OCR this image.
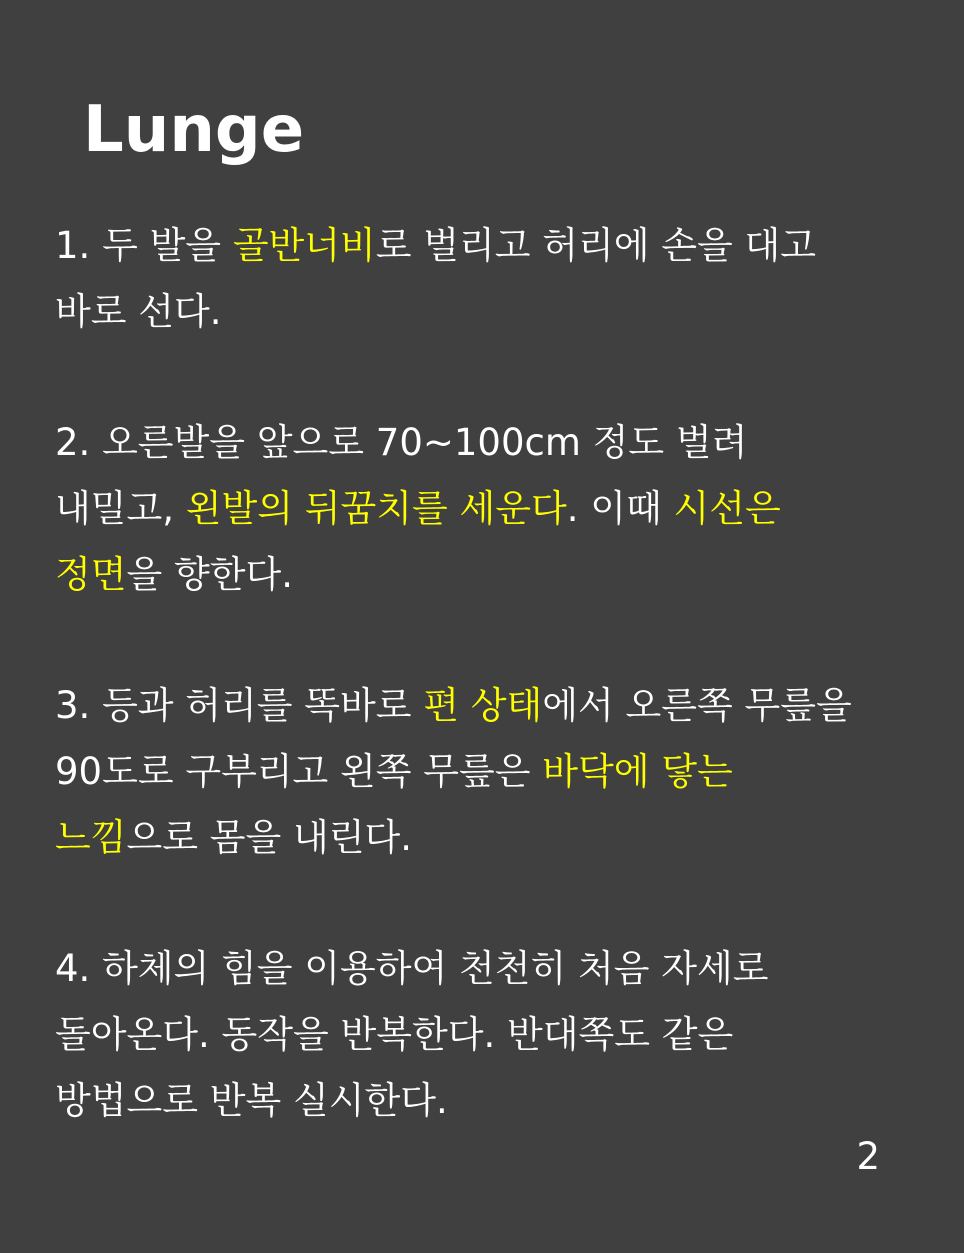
Lunge
1. 두 발을 골반너비로 벌리고 허리에 손을 대고 바로 선다.
2. 오른발을 앞으로 70~100cm 정도 벌려 내밀고, 왼발의 뒤꿈치를 세운다. 이때 시선은 정면을 향한다.
3. 등과 허리를 똑바로 편 상태에서 오른쪽 무릎을 90도로 구부리고 왼쪽 무릎은 바닥에 닿는 느낌으로 몸을 내린다.
4. 하체의 힘을 이용하여 천천히 처음 자세로 돌아온다. 동작을 반복한다. 반대쪽도 같은 방법으로 반복 실시한다.
2
